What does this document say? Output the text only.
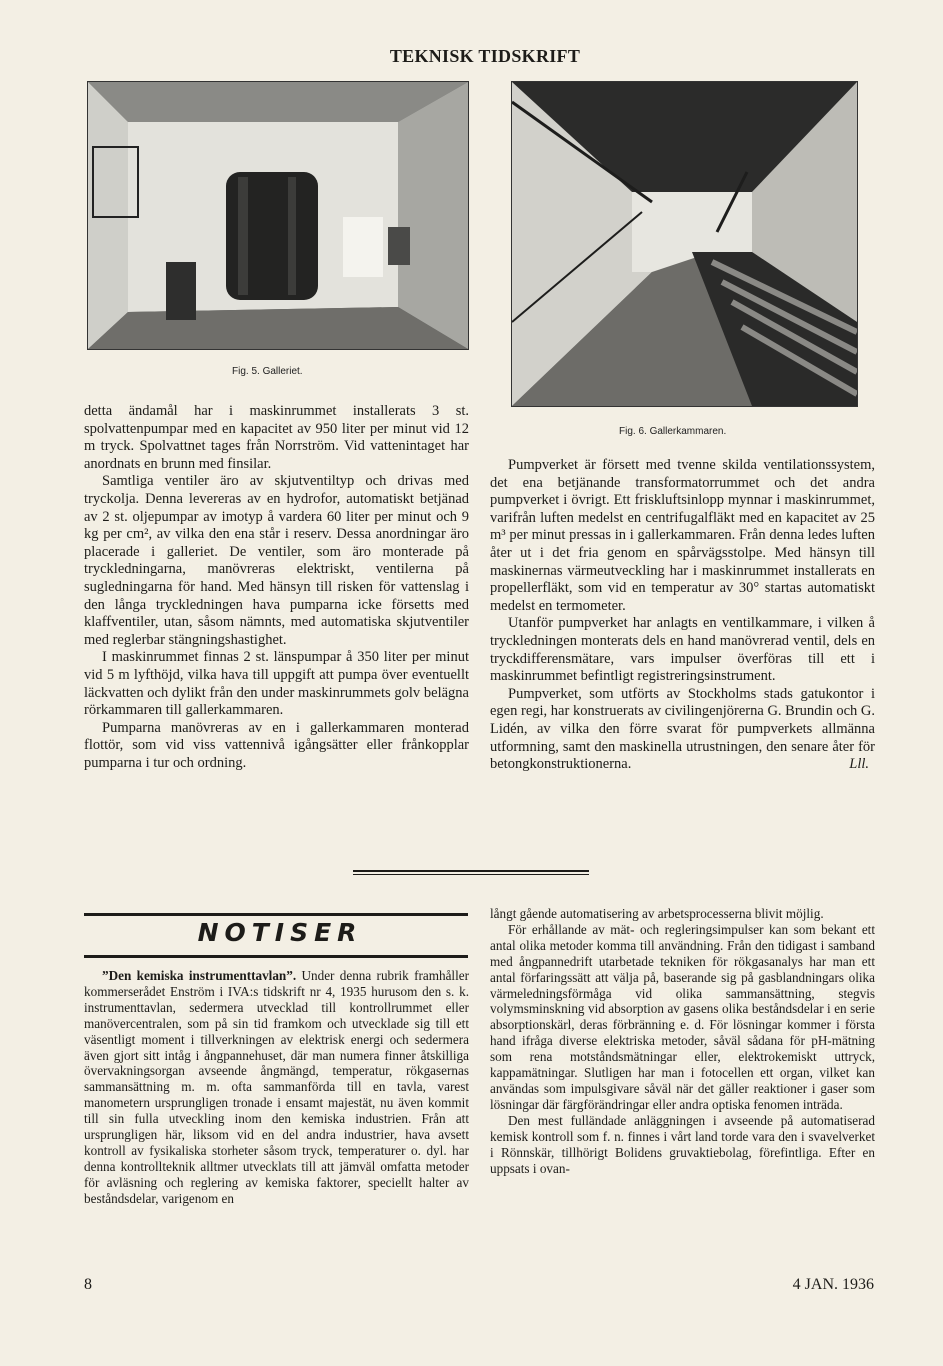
TEKNISK TIDSKRIFT
Fig. 5. Galleriet.
Fig. 6. Gallerkammaren.

detta ändamål har i maskinrummet installerats 3 st. spolvattenpumpar med en kapacitet av 950 liter per minut vid 12 m tryck. Spolvattnet tages från Norrström. Vid vattenintaget har anordnats en brunn med finsilar.

Samtliga ventiler äro av skjutventiltyp och drivas med tryckolja. Denna levereras av en hydrofor, automatiskt betjänad av 2 st. oljepumpar av imotyp å vardera 60 liter per minut och 9 kg per cm², av vilka den ena står i reserv. Dessa anordningar äro placerade i galleriet. De ventiler, som äro monterade på tryckledningarna, manövreras elektriskt, ventilerna på sugledningarna för hand. Med hänsyn till risken för vattenslag i den långa tryckledningen hava pumparna icke försetts med klaffventiler, utan, såsom nämnts, med automatiska skjutventiler med reglerbar stängningshastighet.

I maskinrummet finnas 2 st. länspumpar å 350 liter per minut vid 5 m lyfthöjd, vilka hava till uppgift att pumpa över eventuellt läckvatten och dylikt från den under maskinrummets golv belägna rörkammaren till gallerkammaren.

Pumparna manövreras av en i gallerkammaren monterad flottör, som vid viss vattennivå igångsätter eller frånkopplar pumparna i tur och ordning.

Pumpverket är försett med tvenne skilda ventilationssystem, det ena betjänande transformatorrummet och det andra pumpverket i övrigt. Ett friskluftsinlopp mynnar i maskinrummet, varifrån luften medelst en centrifugalfläkt med en kapacitet av 25 m³ per minut pressas in i gallerkammaren. Från denna ledes luften åter ut i det fria genom en spårvägsstolpe. Med hänsyn till maskinernas värmeutveckling har i maskinrummet installerats en propellerfläkt, som vid en temperatur av 30° startas automatiskt medelst en termometer.

Utanför pumpverket har anlagts en ventilkammare, i vilken å tryckledningen monterats dels en hand manövrerad ventil, dels en tryckdifferensmätare, vars impulser överföras till ett i maskinrummet befintligt registreringsinstrument.

Pumpverket, som utförts av Stockholms stads gatukontor i egen regi, har konstruerats av civilingenjörerna G. Brundin och G. Lidén, av vilka den förre svarat för pumpverkets allmänna utformning, samt den maskinella utrustningen, den senare åter för betongkonstruktionerna.	Lll.

NOTISER

”Den kemiska instrumenttavlan”. Under denna rubrik framhåller kommerserådet Enström i IVA:s tidskrift nr 4, 1935 hurusom den s. k. instrumenttavlan, sedermera utvecklad till kontrollrummet eller manövercentralen, som på sin tid framkom och utvecklade sig till ett väsentligt moment i tillverkningen av elektrisk energi och sedermera även gjort sitt intåg i ångpannehuset, där man numera finner åtskilliga övervakningsorgan avseende ångmängd, temperatur, rökgasernas sammansättning m. m. ofta sammanförda till en tavla, varest manometern ursprungligen tronade i ensamt majestät, nu även kommit till sin fulla utveckling inom den kemiska industrien. Från att ursprungligen här, liksom vid en del andra industrier, hava avsett kontroll av fysikaliska storheter såsom tryck, temperaturer o. dyl. har denna kontrollteknik alltmer utvecklats till att jämväl omfatta metoder för avläsning och reglering av kemiska faktorer, speciellt halter av beståndsdelar, varigenom en

långt gående automatisering av arbetsprocesserna blivit möjlig.

För erhållande av mät- och regleringsimpulser kan som bekant ett antal olika metoder komma till användning. Från den tidigast i samband med ångpannedrift utarbetade tekniken för rökgasanalys har man ett antal förfaringssätt att välja på, baserande sig på gasblandningars olika värmeledningsförmåga vid olika sammansättning, stegvis volymsminskning vid absorption av gasens olika beståndsdelar i en serie absorptionskärl, deras förbränning e. d. För lösningar kommer i första hand ifråga diverse elektriska metoder, såväl sådana för pH-mätning som rena motståndsmätningar eller, elektrokemiskt uttryck, kappamätningar. Slutligen har man i fotocellen ett organ, vilket kan användas som impulsgivare såväl när det gäller reaktioner i gaser som lösningar där färgförändringar eller andra optiska fenomen inträda.

Den mest fulländade anläggningen i avseende på automatiserad kemisk kontroll som f. n. finnes i vårt land torde vara den i svavelverket i Rönnskär, tillhörigt Bolidens gruvaktiebolag, förefintliga. Efter en uppsats i ovan-

8	4 JAN. 1936
